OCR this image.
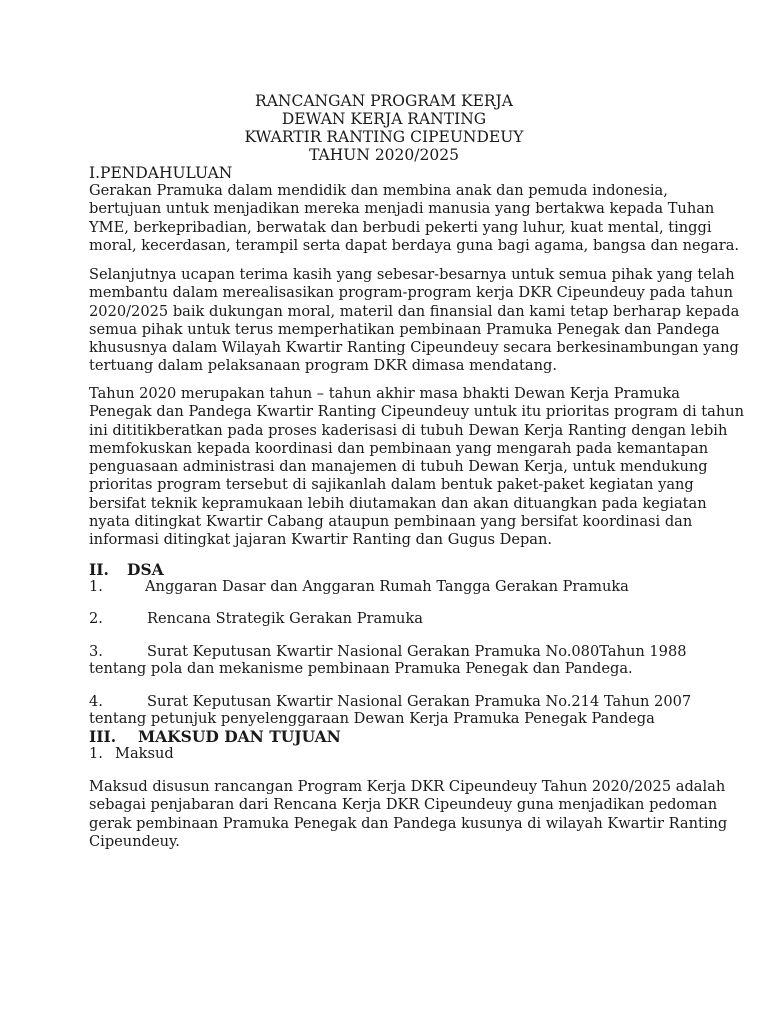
RANCANGAN PROGRAM KERJA
DEWAN KERJA RANTING
KWARTIR RANTING CIPEUNDEUY
TAHUN 2020/2025
I.PENDAHULUAN
Gerakan Pramuka dalam mendidik dan membina anak dan pemuda indonesia,
bertujuan untuk menjadikan mereka menjadi manusia yang bertakwa kepada Tuhan
YME, berkepribadian, berwatak dan berbudi pekerti yang luhur, kuat mental, tinggi
moral, kecerdasan, terampil serta dapat berdaya guna bagi agama, bangsa dan negara.
Selanjutnya ucapan terima kasih yang sebesar-besarnya untuk semua pihak yang telah
membantu dalam merealisasikan program-program kerja DKR Cipeundeuy pada tahun
2020/2025 baik dukungan moral, materil dan finansial dan kami tetap berharap kepada
semua pihak untuk terus memperhatikan pembinaan Pramuka Penegak dan Pandega
khususnya dalam Wilayah Kwartir Ranting Cipeundeuy secara berkesinambungan yang
tertuang dalam pelaksanaan program DKR dimasa mendatang.
Tahun 2020 merupakan tahun – tahun akhir masa bhakti Dewan Kerja Pramuka
Penegak dan Pandega Kwartir Ranting Cipeundeuy untuk itu prioritas program di tahun
ini dititikberatkan pada proses kaderisasi di tubuh Dewan Kerja Ranting dengan lebih
memfokuskan kepada koordinasi dan pembinaan yang mengarah pada kemantapan
penguasaan administrasi dan manajemen di tubuh Dewan Kerja, untuk mendukung
prioritas program tersebut di sajikanlah dalam bentuk paket-paket kegiatan yang
bersifat teknik kepramukaan lebih diutamakan dan akan dituangkan pada kegiatan
nyata ditingkat Kwartir Cabang ataupun pembinaan yang bersifat koordinasi dan
informasi ditingkat jajaran Kwartir Ranting dan Gugus Depan.
II. DSA
1.	Anggaran Dasar dan Anggaran Rumah Tangga Gerakan Pramuka
2.	Rencana Strategik Gerakan Pramuka
3.	Surat Keputusan Kwartir Nasional Gerakan Pramuka No.080Tahun 1988
tentang pola dan mekanisme pembinaan Pramuka Penegak dan Pandega.
4.	Surat Keputusan Kwartir Nasional Gerakan Pramuka No.214 Tahun 2007
tentang petunjuk penyelenggaraan Dewan Kerja Pramuka Penegak Pandega
III. MAKSUD DAN TUJUAN
1. Maksud
Maksud disusun rancangan Program Kerja DKR Cipeundeuy Tahun 2020/2025 adalah
sebagai penjabaran dari Rencana Kerja DKR Cipeundeuy guna menjadikan pedoman
gerak pembinaan Pramuka Penegak dan Pandega kusunya di wilayah Kwartir Ranting
Cipeundeuy.
